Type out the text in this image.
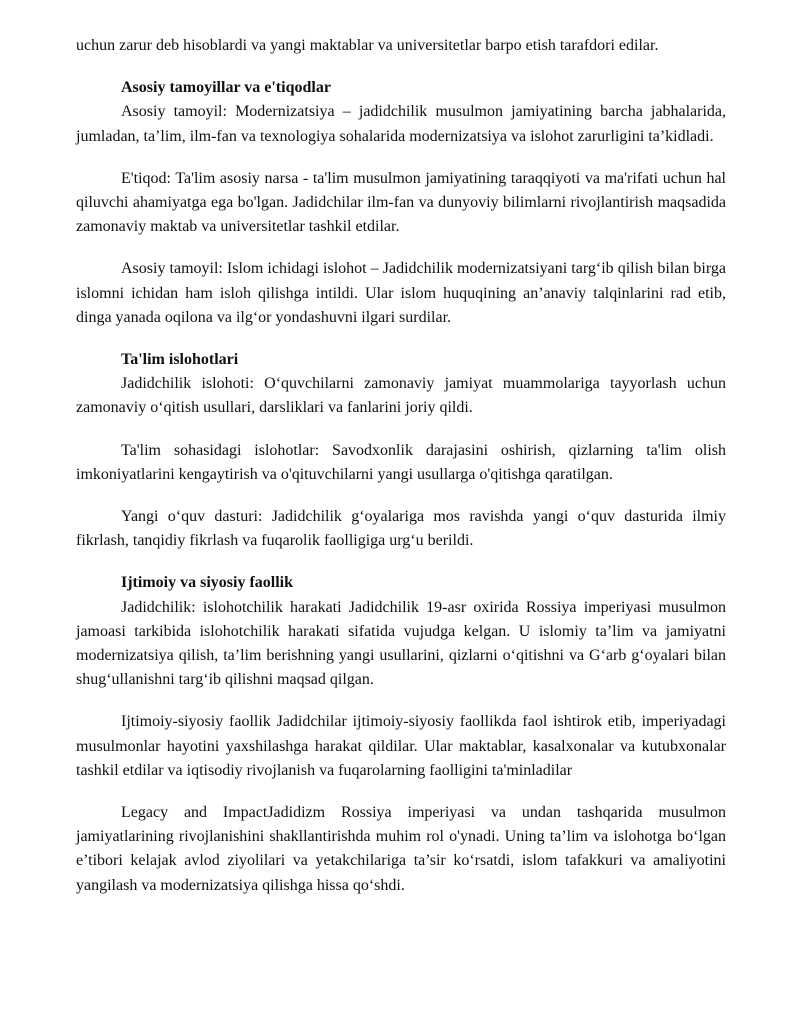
uchun zarur deb hisoblardi va yangi maktablar va universitetlar barpo etish tarafdori edilar.

Asosiy tamoyillar va e'tiqodlar

Asosiy tamoyil: Modernizatsiya – jadidchilik musulmon jamiyatining barcha jabhalarida, jumladan, ta’lim, ilm-fan va texnologiya sohalarida modernizatsiya va islohot zarurligini ta’kidladi.

E'tiqod: Ta'lim asosiy narsa - ta'lim musulmon jamiyatining taraqqiyoti va ma'rifati uchun hal qiluvchi ahamiyatga ega bo'lgan. Jadidchilar ilm-fan va dunyoviy bilimlarni rivojlantirish maqsadida zamonaviy maktab va universitetlar tashkil etdilar.

Asosiy tamoyil: Islom ichidagi islohot – Jadidchilik modernizatsiyani targ‘ib qilish bilan birga islomni ichidan ham isloh qilishga intildi. Ular islom huquqining an’anaviy talqinlarini rad etib, dinga yanada oqilona va ilg‘or yondashuvni ilgari surdilar.

Ta'lim islohotlari

Jadidchilik islohoti: O‘quvchilarni zamonaviy jamiyat muammolariga tayyorlash uchun zamonaviy o‘qitish usullari, darsliklari va fanlarini joriy qildi.

Ta'lim sohasidagi islohotlar: Savodxonlik darajasini oshirish, qizlarning ta'lim olish imkoniyatlarini kengaytirish va o'qituvchilarni yangi usullarga o'qitishga qaratilgan.

Yangi o‘quv dasturi: Jadidchilik g‘oyalariga mos ravishda yangi o‘quv dasturida ilmiy fikrlash, tanqidiy fikrlash va fuqarolik faolligiga urg‘u berildi.

Ijtimoiy va siyosiy faollik

Jadidchilik: islohotchilik harakati Jadidchilik 19-asr oxirida Rossiya imperiyasi musulmon jamoasi tarkibida islohotchilik harakati sifatida vujudga kelgan. U islomiy ta’lim va jamiyatni modernizatsiya qilish, ta’lim berishning yangi usullarini, qizlarni o‘qitishni va G‘arb g‘oyalari bilan shug‘ullanishni targ‘ib qilishni maqsad qilgan.

Ijtimoiy-siyosiy faollik Jadidchilar ijtimoiy-siyosiy faollikda faol ishtirok etib, imperiyadagi musulmonlar hayotini yaxshilashga harakat qildilar. Ular maktablar, kasalxonalar va kutubxonalar tashkil etdilar va iqtisodiy rivojlanish va fuqarolarning faolligini ta'minladilar

Legacy and ImpactJadidizm Rossiya imperiyasi va undan tashqarida musulmon jamiyatlarining rivojlanishini shakllantirishda muhim rol o'ynadi. Uning ta’lim va islohotga bo‘lgan e’tibori kelajak avlod ziyolilari va yetakchilariga ta’sir ko‘rsatdi, islom tafakkuri va amaliyotini yangilash va modernizatsiya qilishga hissa qo‘shdi.
